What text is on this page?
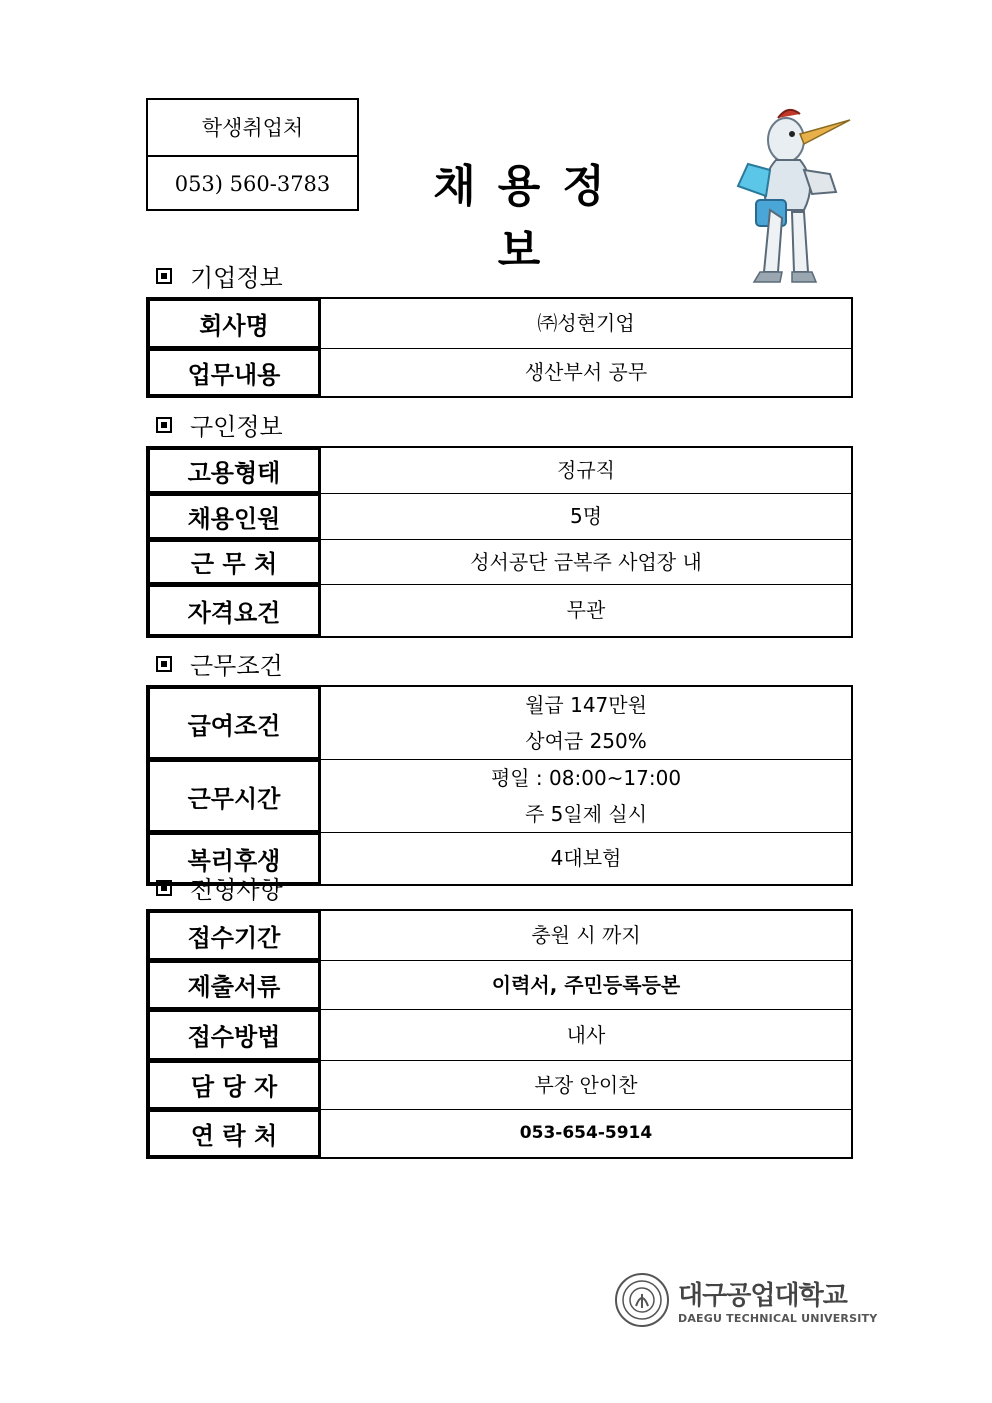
학생취업처
053) 560-3783	채용정보
기업정보
회사명	㈜성현기업
업무내용	생산부서 공무
구인정보
고용형태	정규직
채용인원	5명
근 무 처	성서공단 금복주 사업장 내
자격요건	무관
근무조건
급여조건	월급 147만원
상여금 250%

근무시간	평일 : 08:00~17:00
주 5일제 실시

복리후생	4대보험
전형사항
접수기간	충원 시 까지
제출서류	이력서, 주민등록등본
접수방법	내사
담 당 자	부장 안이찬
연 락 처	053-654-5914
대구공업대학교
DAEGU TECHNICAL UNIVERSITY
